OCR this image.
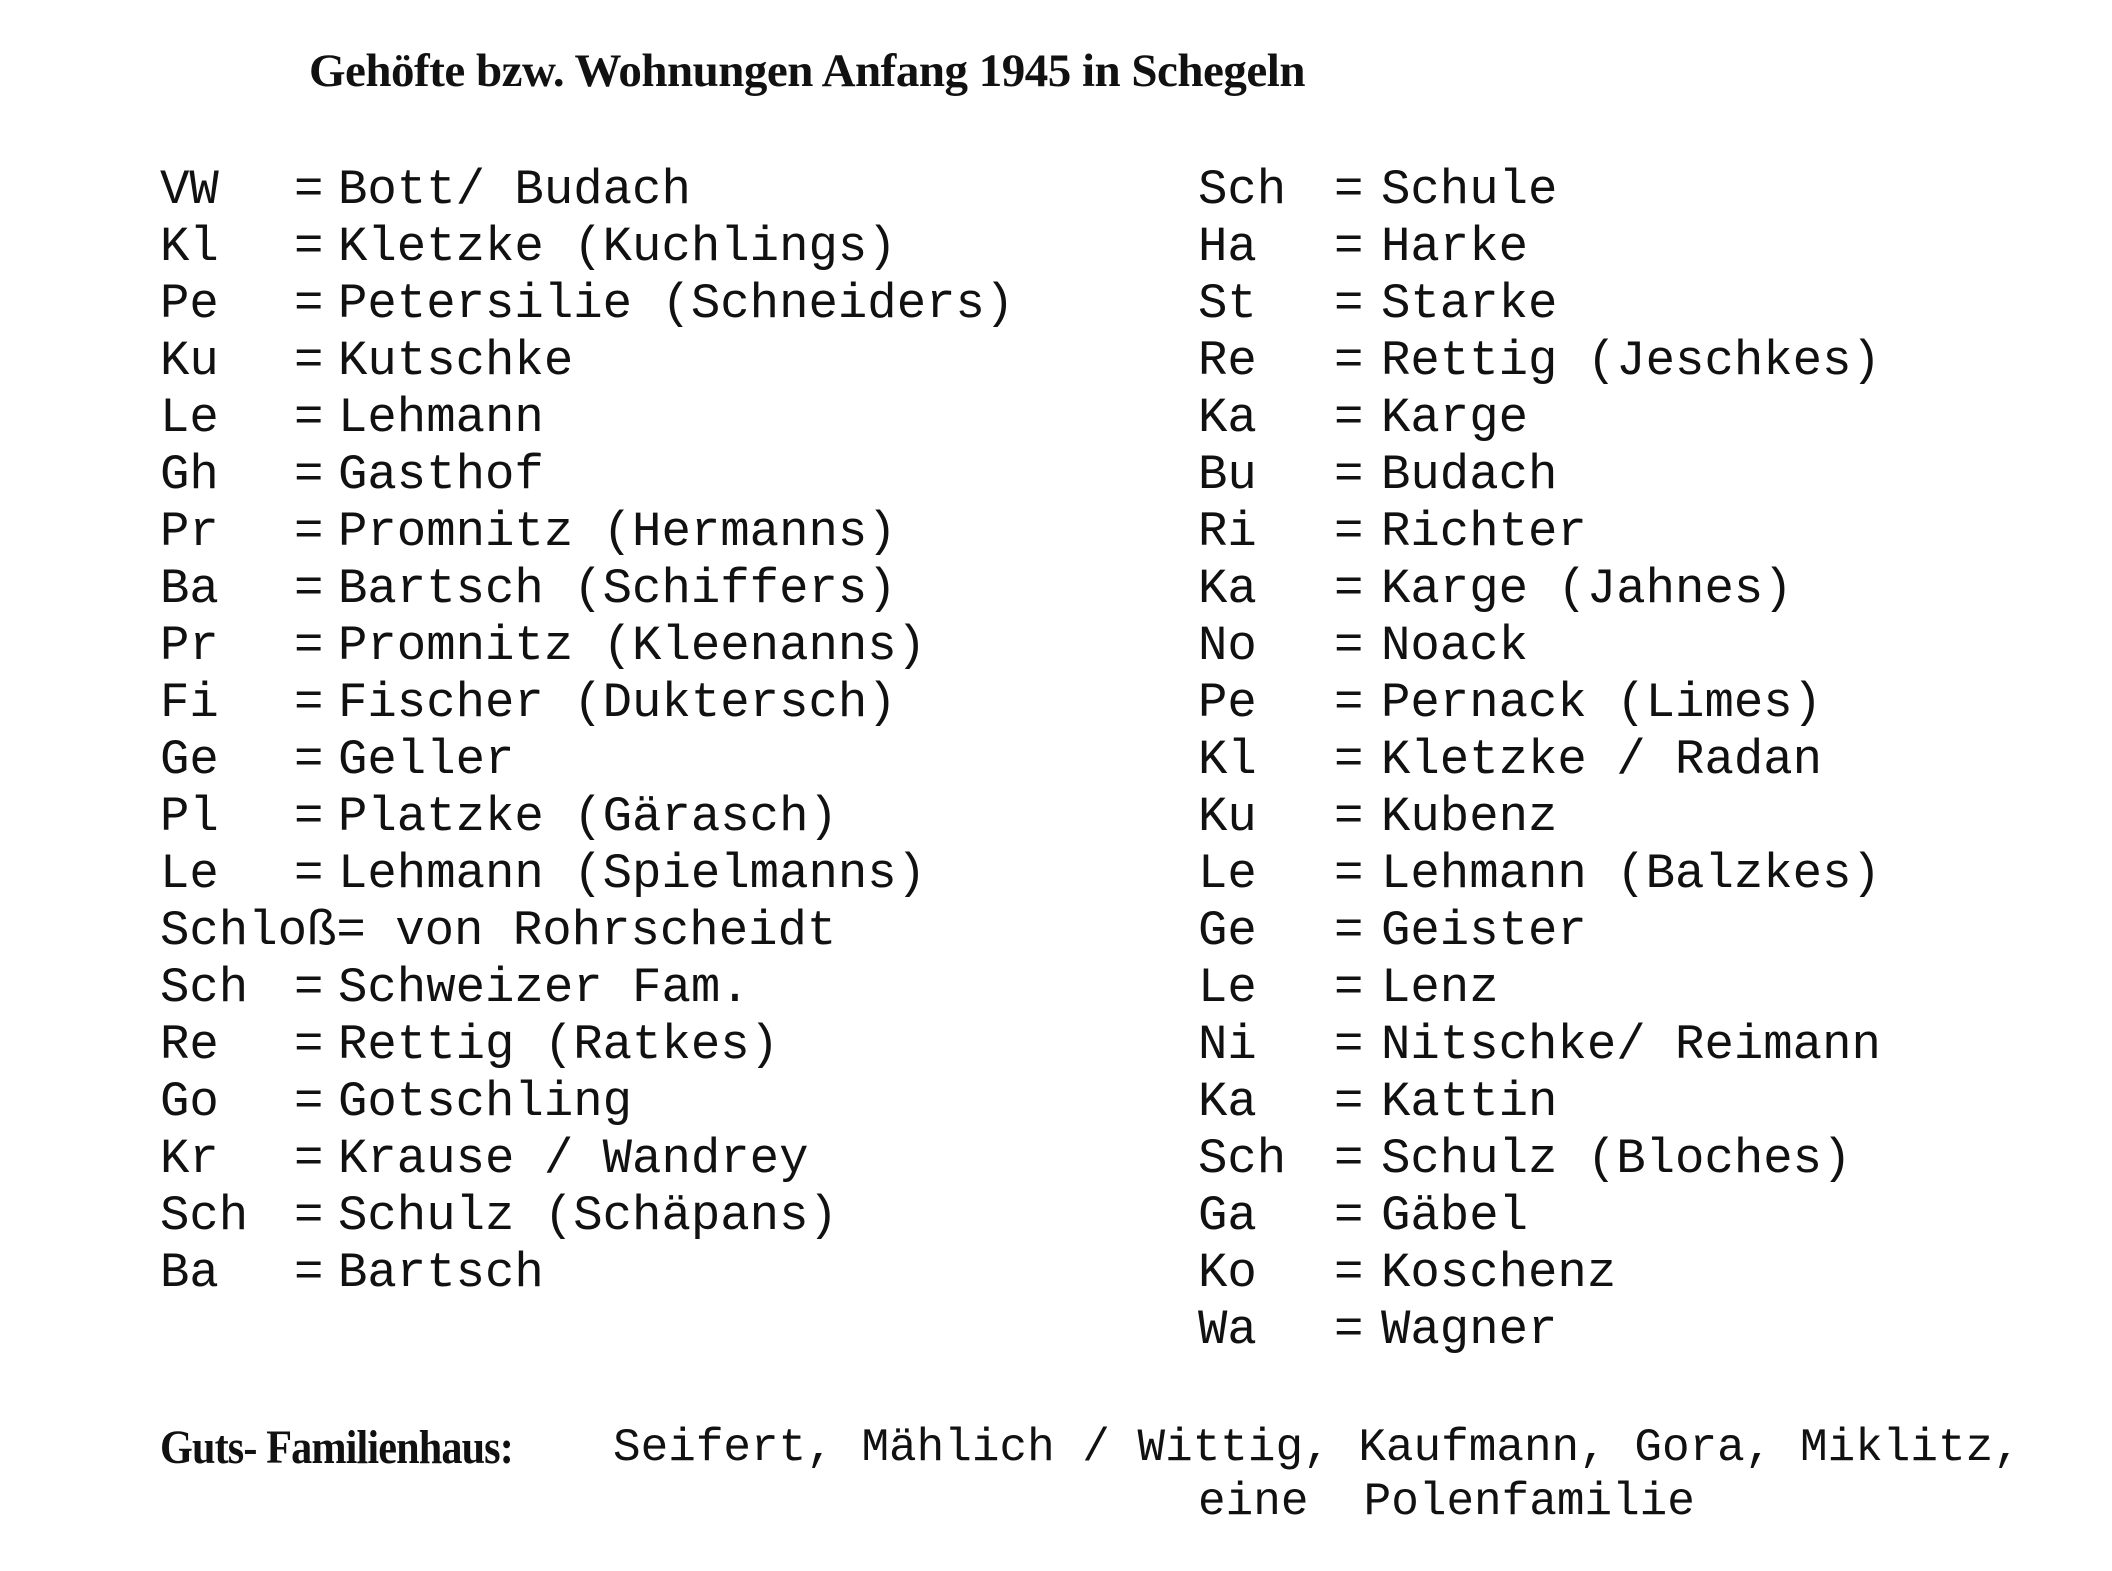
Gehöfte bzw. Wohnungen Anfang 1945 in Schegeln
VW = Bott/ Budach
Kl = Kletzke (Kuchlings)
Pe = Petersilie (Schneiders)
Ku = Kutschke
Le = Lehmann
Gh = Gasthof
Pr = Promnitz (Hermanns)
Ba = Bartsch (Schiffers)
Pr = Promnitz (Kleenanns)
Fi = Fischer (Duktersch)
Ge = Geller
Pl = Platzke (Gärasch)
Le = Lehmann (Spielmanns)
Schloß= von Rohrscheidt
Sch = Schweizer Fam.
Re = Rettig (Ratkes)
Go = Gotschling
Kr = Krause / Wandrey
Sch = Schulz (Schäpans)
Ba = Bartsch
Sch = Schule
Ha = Harke
St = Starke
Re = Rettig (Jeschkes)
Ka = Karge
Bu = Budach
Ri = Richter
Ka = Karge (Jahnes)
No = Noack
Pe = Pernack (Limes)
Kl = Kletzke / Radan
Ku = Kubenz
Le = Lehmann (Balzkes)
Ge = Geister
Le = Lenz
Ni = Nitschke/ Reimann
Ka = Kattin
Sch = Schulz (Bloches)
Ga = Gäbel
Ko = Koschenz
Wa = Wagner
Guts- Familienhaus: Seifert, Mählich / Wittig, Kaufmann, Gora, Miklitz,
eine  Polenfamilie
